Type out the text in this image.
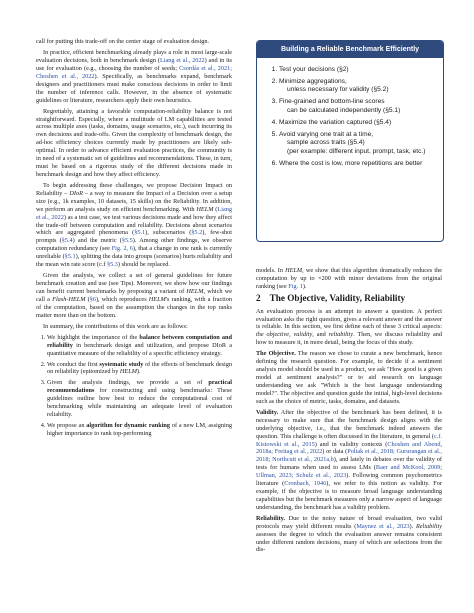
call for putting this trade-off on the center stage of evaluation design.

In practice, efficient benchmarking already plays a role in most large-scale evaluation decisions, both in benchmark design (Liang et al., 2022) and in its use for evaluation (e.g., choosing the number of seeds; Csordás et al., 2021; Choshen et al., 2022). Specifically, as benchmarks expand, benchmark designers and practitioners must make conscious decisions in order to limit the number of inference calls. However, in the absence of systematic guidelines or literature, researchers apply their own heuristics.

Regrettably, attaining a favorable computation-reliability balance is not straightforward. Especially, where a multitude of LM capabilities are tested across multiple axes (tasks, domains, usage scenarios, etc.), each incurring its own decisions and trade-offs. Given the complexity of benchmark design, the ad-hoc efficiency choices currently made by practitioners are likely sub-optimal. In order to advance efficient evaluation practices, the community is in need of a systematic set of guidelines and recommendations. These, in turn, must be based on a rigorous study of the different decisions made in benchmark design and how they affect efficiency.

To begin addressing these challenges, we propose Decision Impact on Reliability – DIoR – a way to measure the Impact of a Decision over a setup size (e.g., 1k examples, 10 datasets, 15 skills) on the Reliability. In addition, we perform an analysis study on efficient benchmarking. With HELM (Liang et al., 2022) as a test case, we test various decisions made and how they affect the trade-off between computation and reliability. Decisions about scenarios which are aggregated phenomena (§5.1), subscenarios (§5.2), few-shot prompts (§5.4) and the metric (§5.5). Among other findings, we observe computation redundancy (see Fig. 2, 6), that a change in one rank is currently unreliable (§5.1), splitting the data into groups (scenarios) hurts reliability and the mean win rate score (c.f §5.3) should be replaced.

Given the analysis, we collect a set of general guidelines for future benchmark creation and use (see Tips). Moreover, we show how our findings can benefit current benchmarks by proposing a variant of HELM, which we call a Flash-HELM (§6), which reproduces HELM's ranking, with a fraction of the computation, based on the assumption the changes in the top ranks matter more than on the bottom.

In summary, the contributions of this work are as follows:

1. We highlight the importance of the balance between computation and reliability in benchmark design and utilization, and propose DIoR a quantitative measure of the reliability of a specific efficiency strategy.
2. We conduct the first systematic study of the effects of benchmark design on reliability (epitomized by HELM).
3. Given the analysis findings, we provide a set of practical recommendations for constructing and using benchmarks: These guidelines outline how best to reduce the computational cost of benchmarking while maintaining an adequate level of evaluation reliability.
4. We propose an algorithm for dynamic ranking of a new LM, assigning higher importance to rank top-performing
Building a Reliable Benchmark Efficiently
1. Test your decisions (§2)
2. Minimize aggregations,
unless necessary for validity (§5.2)
3. Fine-grained and bottom-line scores
can be calculated independently (§5.1)
4. Maximize the variation captured (§5.4)
5. Avoid varying one trait at a time,
sample across traits (§5.4)
(per example: different input, prompt, task, etc.)
6. Where the cost is low, more repetitions are better

models. In HELM, we show that this algorithm dramatically reduces the computation by up to ×200 with minor deviations from the original ranking (see Fig. 1).

2 The Objective, Validity, Reliability

An evaluation process is an attempt to answer a question. A perfect evaluation asks the right question, gives a relevant answer and the answer is reliable. In this section, we first define each of these 3 critical aspects: the objective, validity, and reliability. Then, we discuss reliability and how to measure it, in more detail, being the focus of this study.

The Objective. The reason we chose to curate a new benchmark, hence defining the research question. For example, to decide if a sentiment analysis model should be used in a product, we ask "How good is a given model at sentiment analysis?" or to aid research on language understanding we ask "Which is the best language understanding model?". The objective and question guide the initial, high-level decisions such as the choice of metric, tasks, domains, and datasets.

Validity. After the objective of the benchmark has been defined, it is necessary to make sure that the benchmark design aligns with the underlying objective, i.e., that the benchmark indeed answers the question. This challenge is often discussed in the literature, in general (c.f. Kistowski et al., 2015) and in validity contexts (Choshen and Abend, 2018a; Freitag et al., 2022) or data (Poliak et al., 2018; Gururangan et al., 2018; Northcutt et al., 2021a,b), and lately in debates over the validity of tests for humans when used to assess LMs (Baer and McKool, 2009; Ullman, 2023; Schulz et al., 2023). Following common psychometrics literature (Cronbach, 1946), we refer to this notion as validity. For example, if the objective is to measure broad language understanding capabilities but the benchmark measures only a narrow aspect of language understanding, the benchmark has a validity problem.

Reliability. Due to the noisy nature of broad evaluation, two valid protocols may yield different results (Maynez et al., 2023). Reliability assesses the degree to which the evaluation answer remains consistent under different random decisions, many of which are selections from the dis-
